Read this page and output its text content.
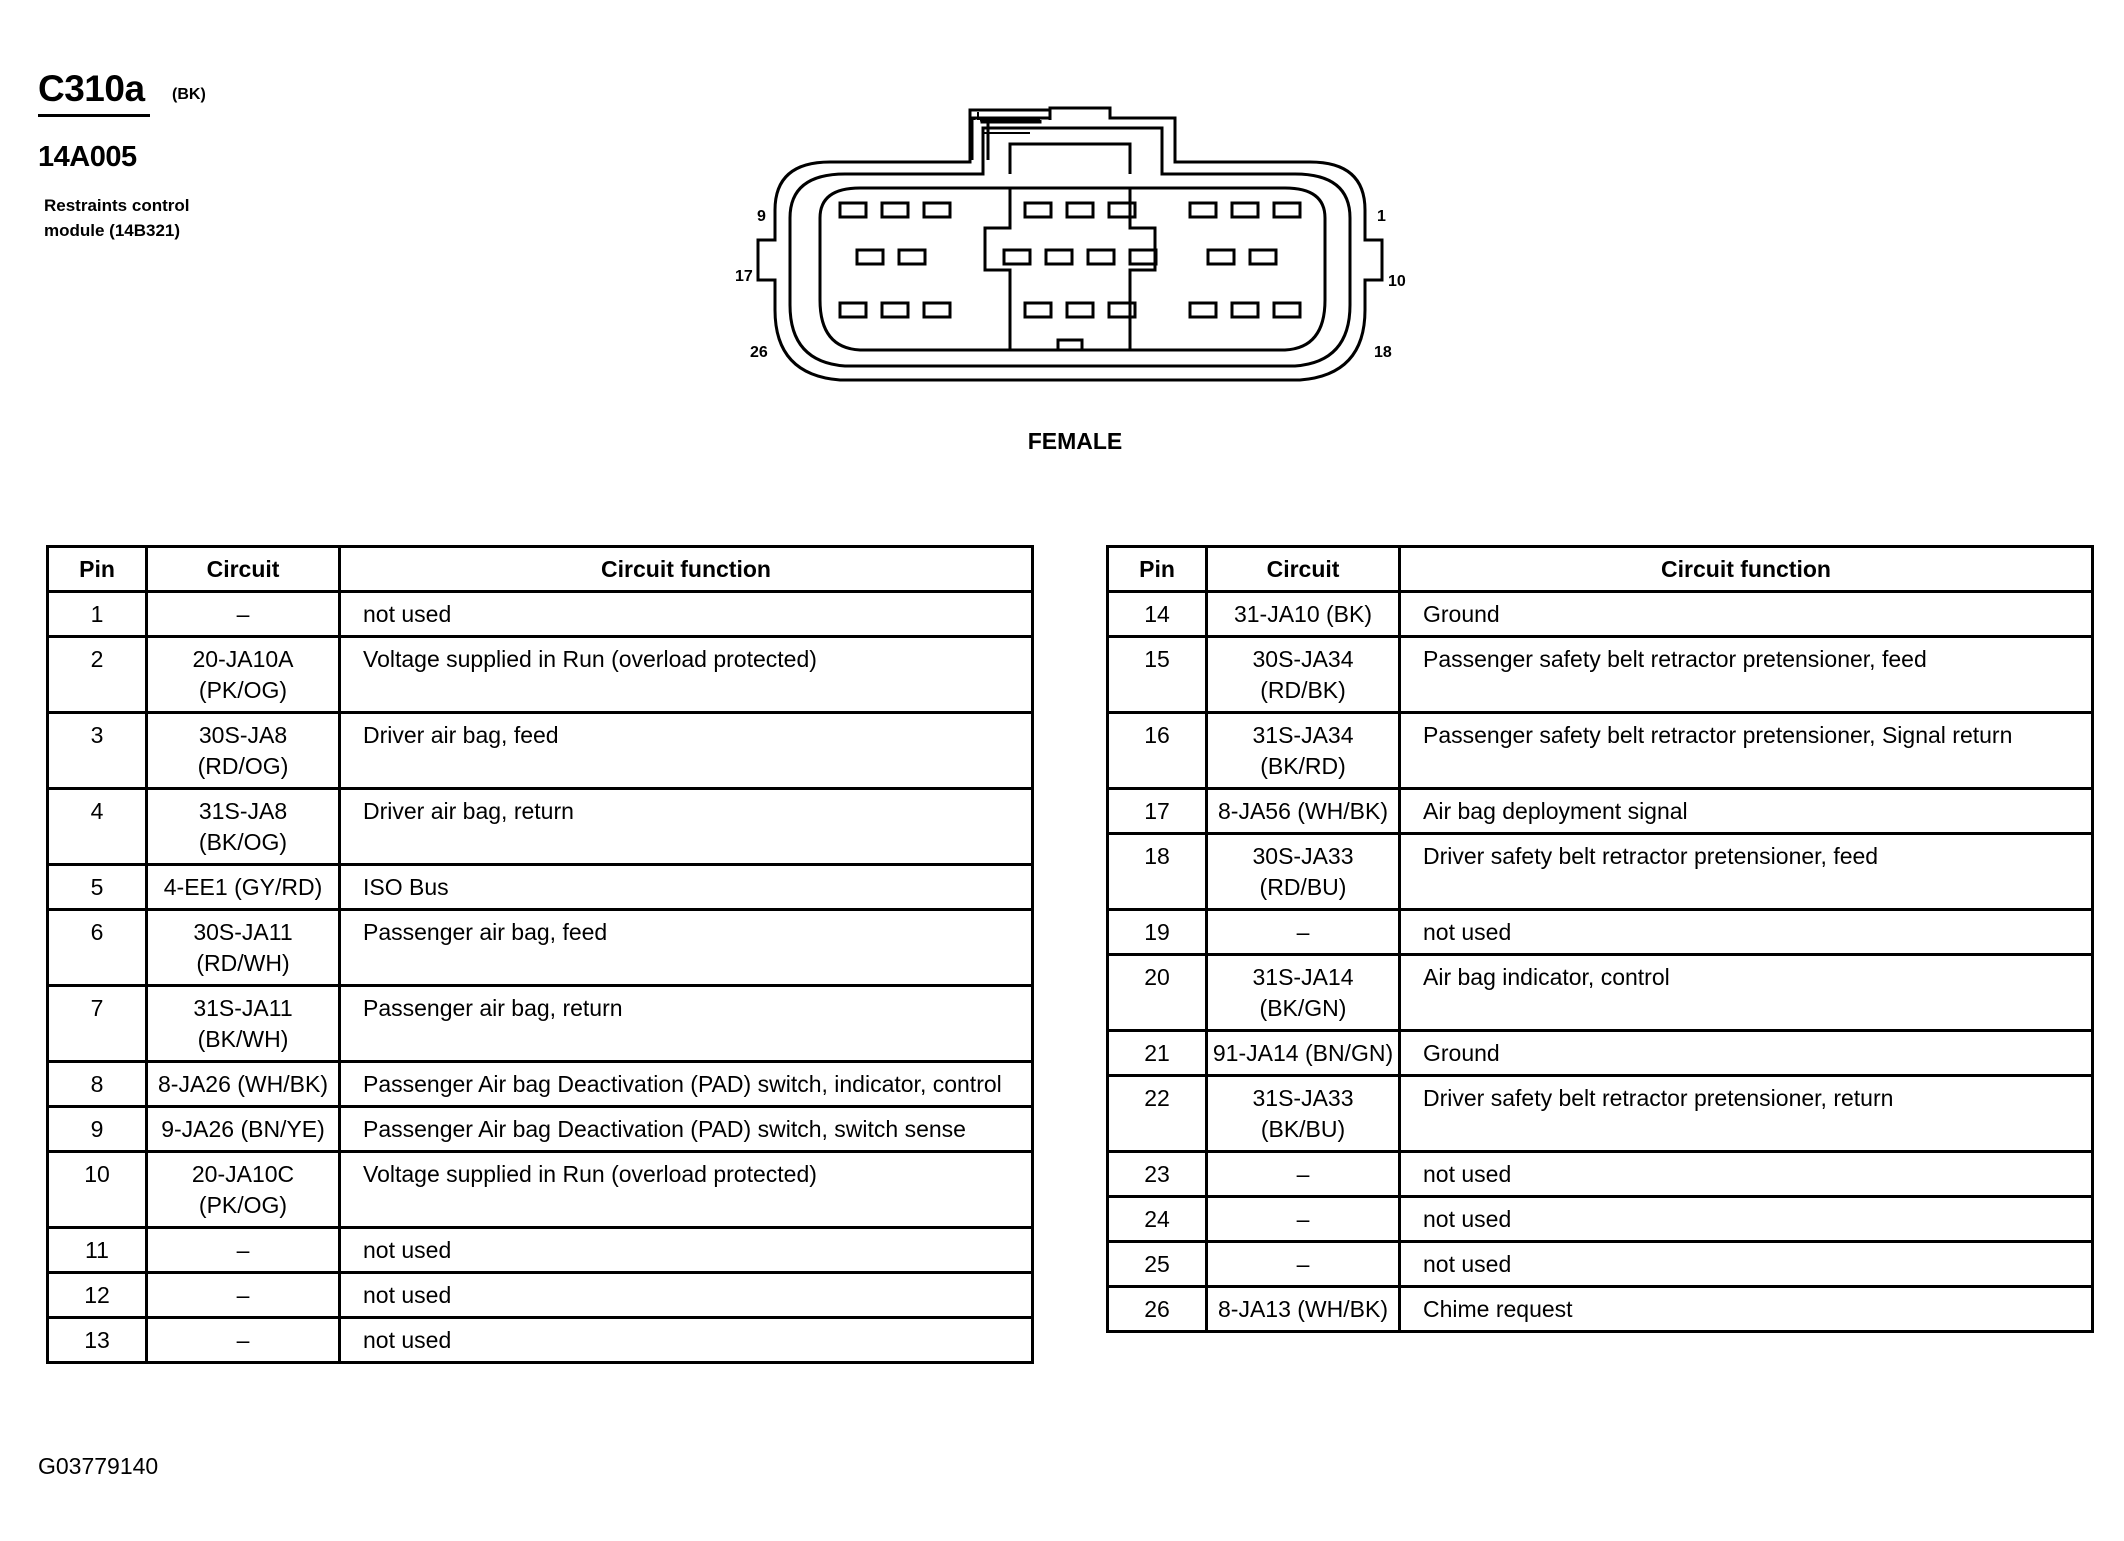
C310a (BK)
14A005
Restraints control module (14B321)
9
17
26
1
10
18
FEMALE
Pin	Circuit	Circuit function
1	–	not used
2	20-JA10A (PK/OG)	Voltage supplied in Run (overload protected)
3	30S-JA8 (RD/OG)	Driver air bag, feed
4	31S-JA8 (BK/OG)	Driver air bag, return
5	4-EE1 (GY/RD)	ISO Bus
6	30S-JA11 (RD/WH)	Passenger air bag, feed
7	31S-JA11 (BK/WH)	Passenger air bag, return
8	8-JA26 (WH/BK)	Passenger Air bag Deactivation (PAD) switch, indicator, control
9	9-JA26 (BN/YE)	Passenger Air bag Deactivation (PAD) switch, switch sense
10	20-JA10C (PK/OG)	Voltage supplied in Run (overload protected)
11	–	not used
12	–	not used
13	–	not used
Pin	Circuit	Circuit function
14	31-JA10 (BK)	Ground
15	30S-JA34 (RD/BK)	Passenger safety belt retractor pretensioner, feed
16	31S-JA34 (BK/RD)	Passenger safety belt retractor pretensioner, Signal return
17	8-JA56 (WH/BK)	Air bag deployment signal
18	30S-JA33 (RD/BU)	Driver safety belt retractor pretensioner, feed
19	–	not used
20	31S-JA14 (BK/GN)	Air bag indicator, control
21	91-JA14 (BN/GN)	Ground
22	31S-JA33 (BK/BU)	Driver safety belt retractor pretensioner, return
23	–	not used
24	–	not used
25	–	not used
26	8-JA13 (WH/BK)	Chime request
G03779140
